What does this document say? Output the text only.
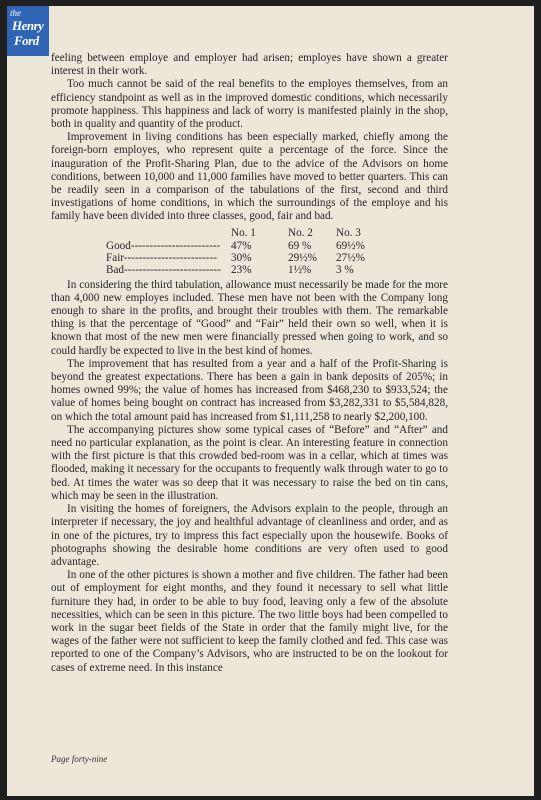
the
Henry
Ford

feeling between employe and employer had arisen; employes have shown a greater interest in their work.

Too much cannot be said of the real benefits to the employes themselves, from an efficiency standpoint as well as in the improved domestic conditions, which necessarily promote happiness. This happiness and lack of worry is manifested plainly in the shop, both in quality and quantity of the product.

Improvement in living conditions has been especially marked, chiefly among the foreign-born employes, who represent quite a percentage of the force. Since the inauguration of the Profit-Sharing Plan, due to the advice of the Advisors on home conditions, between 10,000 and 11,000 families have moved to better quarters. This can be readily seen in a comparison of the tabulations of the first, second and third investigations of home conditions, in which the surroundings of the employe and his family have been divided into three classes, good, fair and bad.

	No. 1	No. 2	No. 3
Good------------------------	47%	69 %	69½%
Fair-------------------------	30%	29½%	27½%
Bad--------------------------	23%	1½%	3 %

In considering the third tabulation, allowance must necessarily be made for the more than 4,000 new employes included. These men have not been with the Company long enough to share in the profits, and brought their troubles with them. The remarkable thing is that the percentage of “Good” and “Fair” held their own so well, when it is known that most of the new men were financially pressed when going to work, and so could hardly be expected to live in the best kind of homes.

The improvement that has resulted from a year and a half of the Profit-Sharing is beyond the greatest expectations. There has been a gain in bank deposits of 205%; in homes owned 99%; the value of homes has increased from $468,230 to $933,524; the value of homes being bought on contract has increased from $3,282,331 to $5,584,828, on which the total amount paid has increased from $1,111,258 to nearly $2,200,100.

The accompanying pictures show some typical cases of “Before” and “After” and need no particular explanation, as the point is clear. An interesting feature in connection with the first picture is that this crowded bed-room was in a cellar, which at times was flooded, making it necessary for the occupants to frequently walk through water to go to bed. At times the water was so deep that it was necessary to raise the bed on tin cans, which may be seen in the illustration.

In visiting the homes of foreigners, the Advisors explain to the people, through an interpreter if necessary, the joy and healthful advantage of cleanliness and order, and as in one of the pictures, try to impress this fact especially upon the housewife. Books of photographs showing the desirable home conditions are very often used to good advantage.

In one of the other pictures is shown a mother and five children. The father had been out of employment for eight months, and they found it necessary to sell what little furniture they had, in order to be able to buy food, leaving only a few of the absolute necessities, which can be seen in this picture. The two little boys had been compelled to work in the sugar beet fields of the State in order that the family might live, for the wages of the father were not sufficient to keep the family clothed and fed. This case was reported to one of the Company’s Advisors, who are instructed to be on the lookout for cases of extreme need. In this instance

Page forty-nine
